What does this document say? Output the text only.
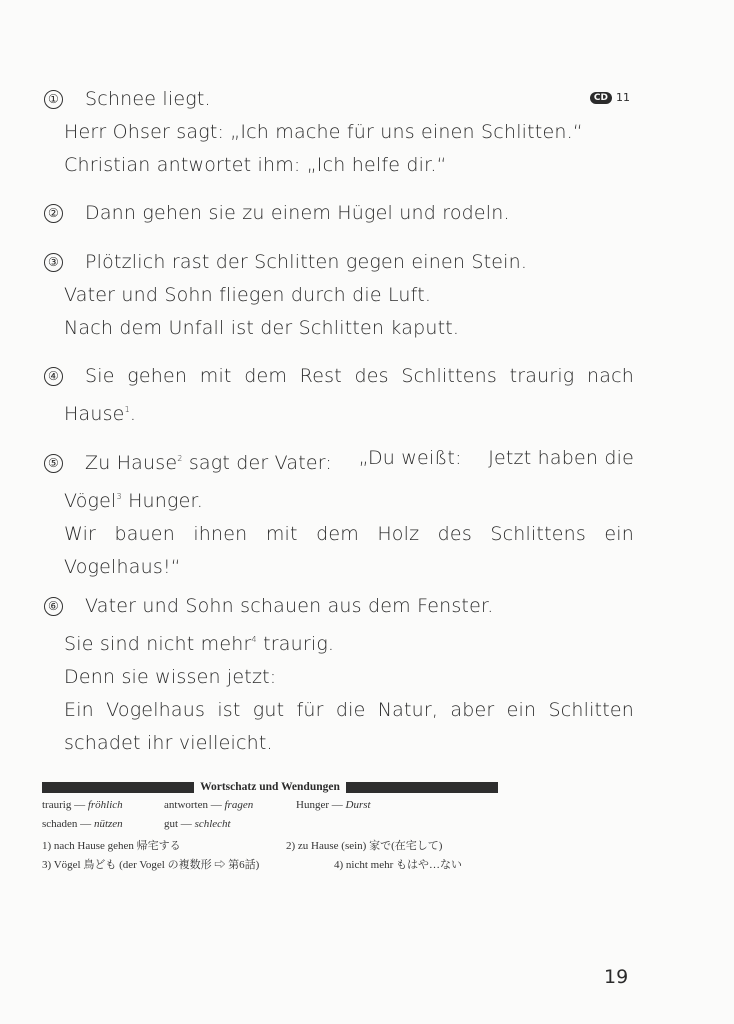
CD 11
① Schnee liegt.
Herr Ohser sagt: „Ich mache für uns einen Schlitten.“
Christian antwortet ihm: „Ich helfe dir.“
② Dann gehen sie zu einem Hügel und rodeln.
③ Plötzlich rast der Schlitten gegen einen Stein.
Vater und Sohn fliegen durch die Luft.
Nach dem Unfall ist der Schlitten kaputt.
④ Sie gehen mit dem Rest des Schlittens traurig nach
Hause$^1$.
⑤ Zu Hause$^2$ sagt der Vater: „Du weißt: Jetzt haben die
Vögel$^3$ Hunger.
Wir bauen ihnen mit dem Holz des Schlittens ein
Vogelhaus!“
⑥ Vater und Sohn schauen aus dem Fenster.
Sie sind nicht mehr$^4$ traurig.
Denn sie wissen jetzt:
Ein Vogelhaus ist gut für die Natur, aber ein Schlitten
schadet ihr vielleicht.
Wortschatz und Wendungen
traurig — fröhlich	antworten — fragen	Hunger — Durst
schaden — nützen	gut — schlecht
1) nach Hause gehen 帰宅する	2) zu Hause (sein) 家で(在宅して)
3) Vögel 鳥ども (der Vogel の複数形 ⇨ 第6話)	4) nicht mehr もはや…ない
19
